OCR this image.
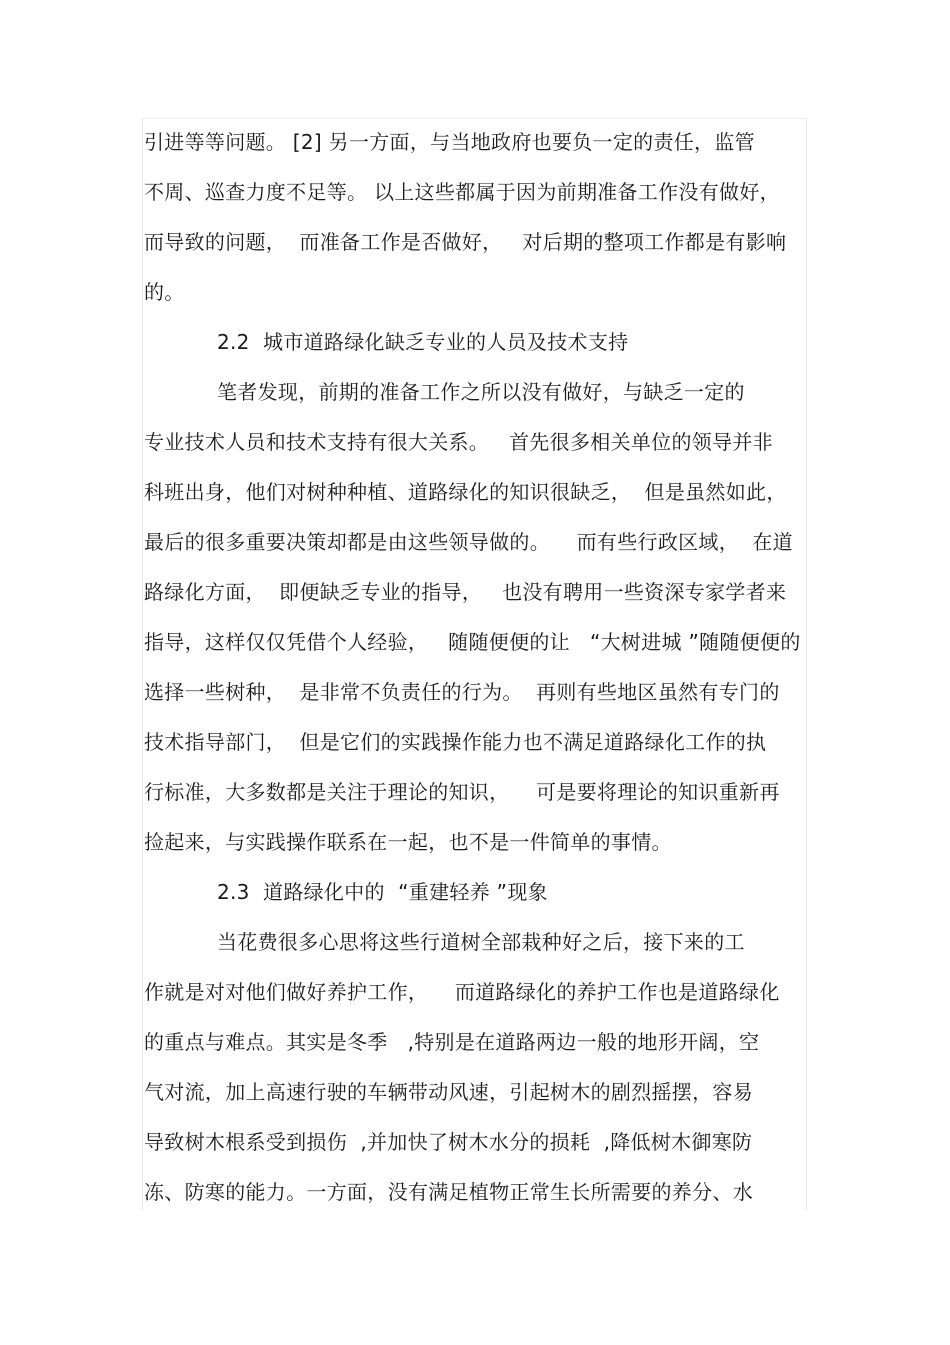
引进等等问题。 [2] 另一方面，与当地政府也要负一定的责任，监管
不周、巡查力度不足等。 以上这些都属于因为前期准备工作没有做好，
而导致的问题，  而准备工作是否做好，   对后期的整项工作都是有影响
的。
2.2  城市道路绿化缺乏专业的人员及技术支持
笔者发现，前期的准备工作之所以没有做好，与缺乏一定的
专业技术人员和技术支持有很大关系。   首先很多相关单位的领导并非
科班出身，他们对树种种植、道路绿化的知识很缺乏，  但是虽然如此，
最后的很多重要决策却都是由这些领导做的。    而有些行政区域，  在道
路绿化方面，  即便缺乏专业的指导，   也没有聘用一些资深专家学者来
指导，这样仅仅凭借个人经验，   随随便便的让   “大树进城 ”随随便便的
选择一些树种，  是非常不负责任的行为。  再则有些地区虽然有专门的
技术指导部门，  但是它们的实践操作能力也不满足道路绿化工作的执
行标准，大多数都是关注于理论的知识，    可是要将理论的知识重新再
捡起来，与实践操作联系在一起，也不是一件简单的事情。
2.3  道路绿化中的  “重建轻养 ”现象
当花费很多心思将这些行道树全部栽种好之后，接下来的工
作就是对对他们做好养护工作，    而道路绿化的养护工作也是道路绿化
的重点与难点。其实是冬季   ,特别是在道路两边一般的地形开阔，空
气对流，加上高速行驶的车辆带动风速，引起树木的剧烈摇摆，容易
导致树木根系受到损伤  ,并加快了树木水分的损耗  ,降低树木御寒防
冻、防寒的能力。一方面，没有满足植物正常生长所需要的养分、水
